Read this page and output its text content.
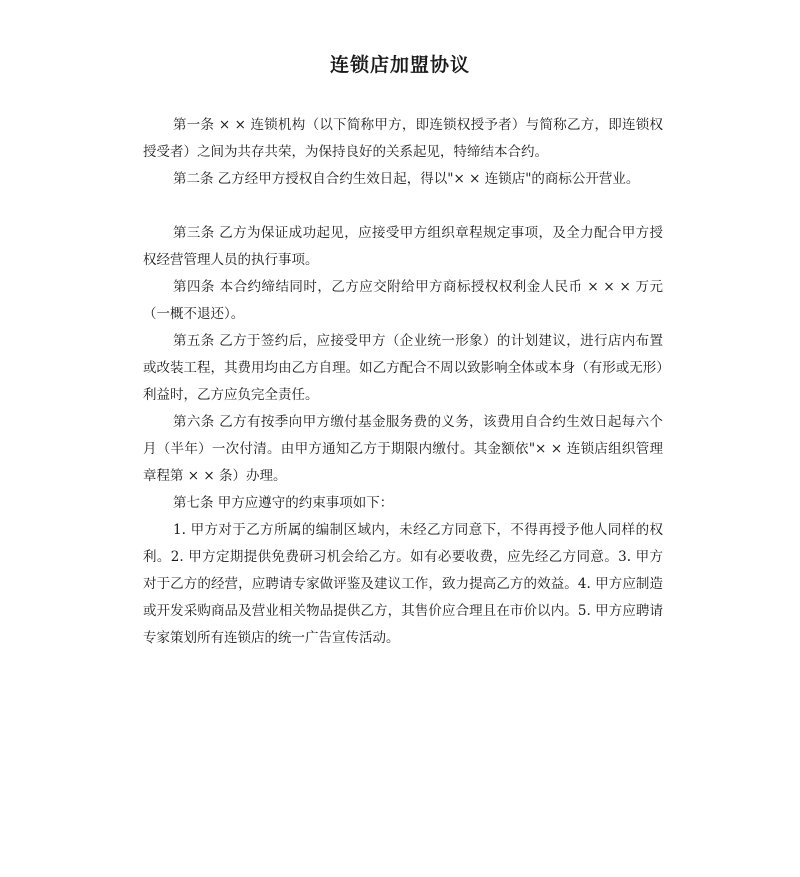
连锁店加盟协议

第一条 × × 连锁机构（以下简称甲方，即连锁权授予者）与简称乙方，即连锁权授受者）之间为共存共荣，为保持良好的关系起见，特缔结本合约。

第二条 乙方经甲方授权自合约生效日起，得以"× × 连锁店"的商标公开营业。

第三条 乙方为保证成功起见，应接受甲方组织章程规定事项，及全力配合甲方授权经营管理人员的执行事项。

第四条 本合约缔结同时，乙方应交附给甲方商标授权权利金人民币 × × × 万元（一概不退还）。

第五条 乙方于签约后，应接受甲方（企业统一形象）的计划建议，进行店内布置或改装工程，其费用均由乙方自理。如乙方配合不周以致影响全体或本身（有形或无形）利益时，乙方应负完全责任。

第六条 乙方有按季向甲方缴付基金服务费的义务，该费用自合约生效日起每六个月（半年）一次付清。由甲方通知乙方于期限内缴付。其金额依"× × 连锁店组织管理章程第 × × 条）办理。

第七条 甲方应遵守的约束事项如下：

1. 甲方对于乙方所属的编制区域内，未经乙方同意下，不得再授予他人同样的权利。2. 甲方定期提供免费研习机会给乙方。如有必要收费，应先经乙方同意。3. 甲方对于乙方的经营，应聘请专家做评鉴及建议工作，致力提高乙方的效益。4. 甲方应制造或开发采购商品及营业相关物品提供乙方，其售价应合理且在市价以内。5. 甲方应聘请专家策划所有连锁店的统一广告宣传活动。
